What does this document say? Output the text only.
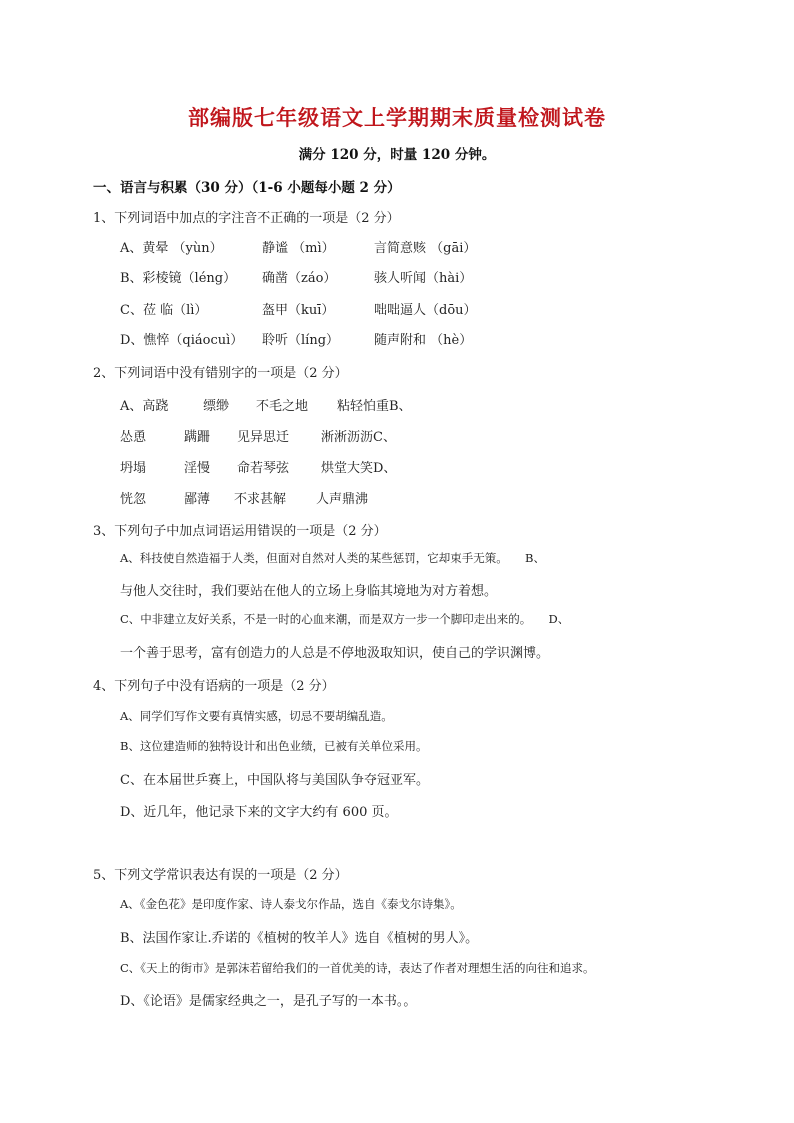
部编版七年级语文上学期期末质量检测试卷
满分 120 分，时量 120 分钟。
一、语言与积累（30 分）（1-6 小题每小题 2 分）
1、下列词语中加点的字注音不正确的一项是（2 分）
A、黄晕 （yùn）	静谧 （mì）	言简意赅 （gāi）
B、彩棱镜（léng） 确凿（záo）	骇人听闻（hài）
C、莅 临（lì）	盔甲（kuī）	咄咄逼人（dōu）
D、憔悴（qiáocuì） 聆听（líng）	随声附和 （hè）
2、下列词语中没有错别字的一项是（2 分）
A、高跷	缥缈 不毛之地 粘轻怕重B、
怂恿	蹒跚 见异思迁 淅淅沥沥C、
坍塌	淫慢 命若琴弦 烘堂大笑D、
恍忽	鄙薄 不求甚解 人声鼎沸
3、下列句子中加点词语运用错误的一项是（2 分）
A、科技使自然造福于人类，但面对自然对人类的某些惩罚，它却束手无策。　　B、
与他人交往时，我们要站在他人的立场上身临其境地为对方着想。
C、中非建立友好关系，不是一时的心血来潮，而是双方一步一个脚印走出来的。　　D、
一个善于思考，富有创造力的人总是不停地汲取知识，使自己的学识渊博。
4、下列句子中没有语病的一项是（2 分）
A、同学们写作文要有真情实感，切忌不要胡编乱造。
B、这位建造师的独特设计和出色业绩，已被有关单位采用。
C、在本届世乒赛上，中国队将与美国队争夺冠亚军。
D、近几年，他记录下来的文字大约有 600 页。
5、下列文学常识表达有误的一项是（2 分）
A、《金色花》是印度作家、诗人泰戈尔作品，选自《泰戈尔诗集》。
B、法国作家让.乔诺的《植树的牧羊人》选自《植树的男人》。
C、《天上的街市》是郭沫若留给我们的一首优美的诗，表达了作者对理想生活的向往和追求。
D、《论语》是儒家经典之一，是孔子写的一本书。。
